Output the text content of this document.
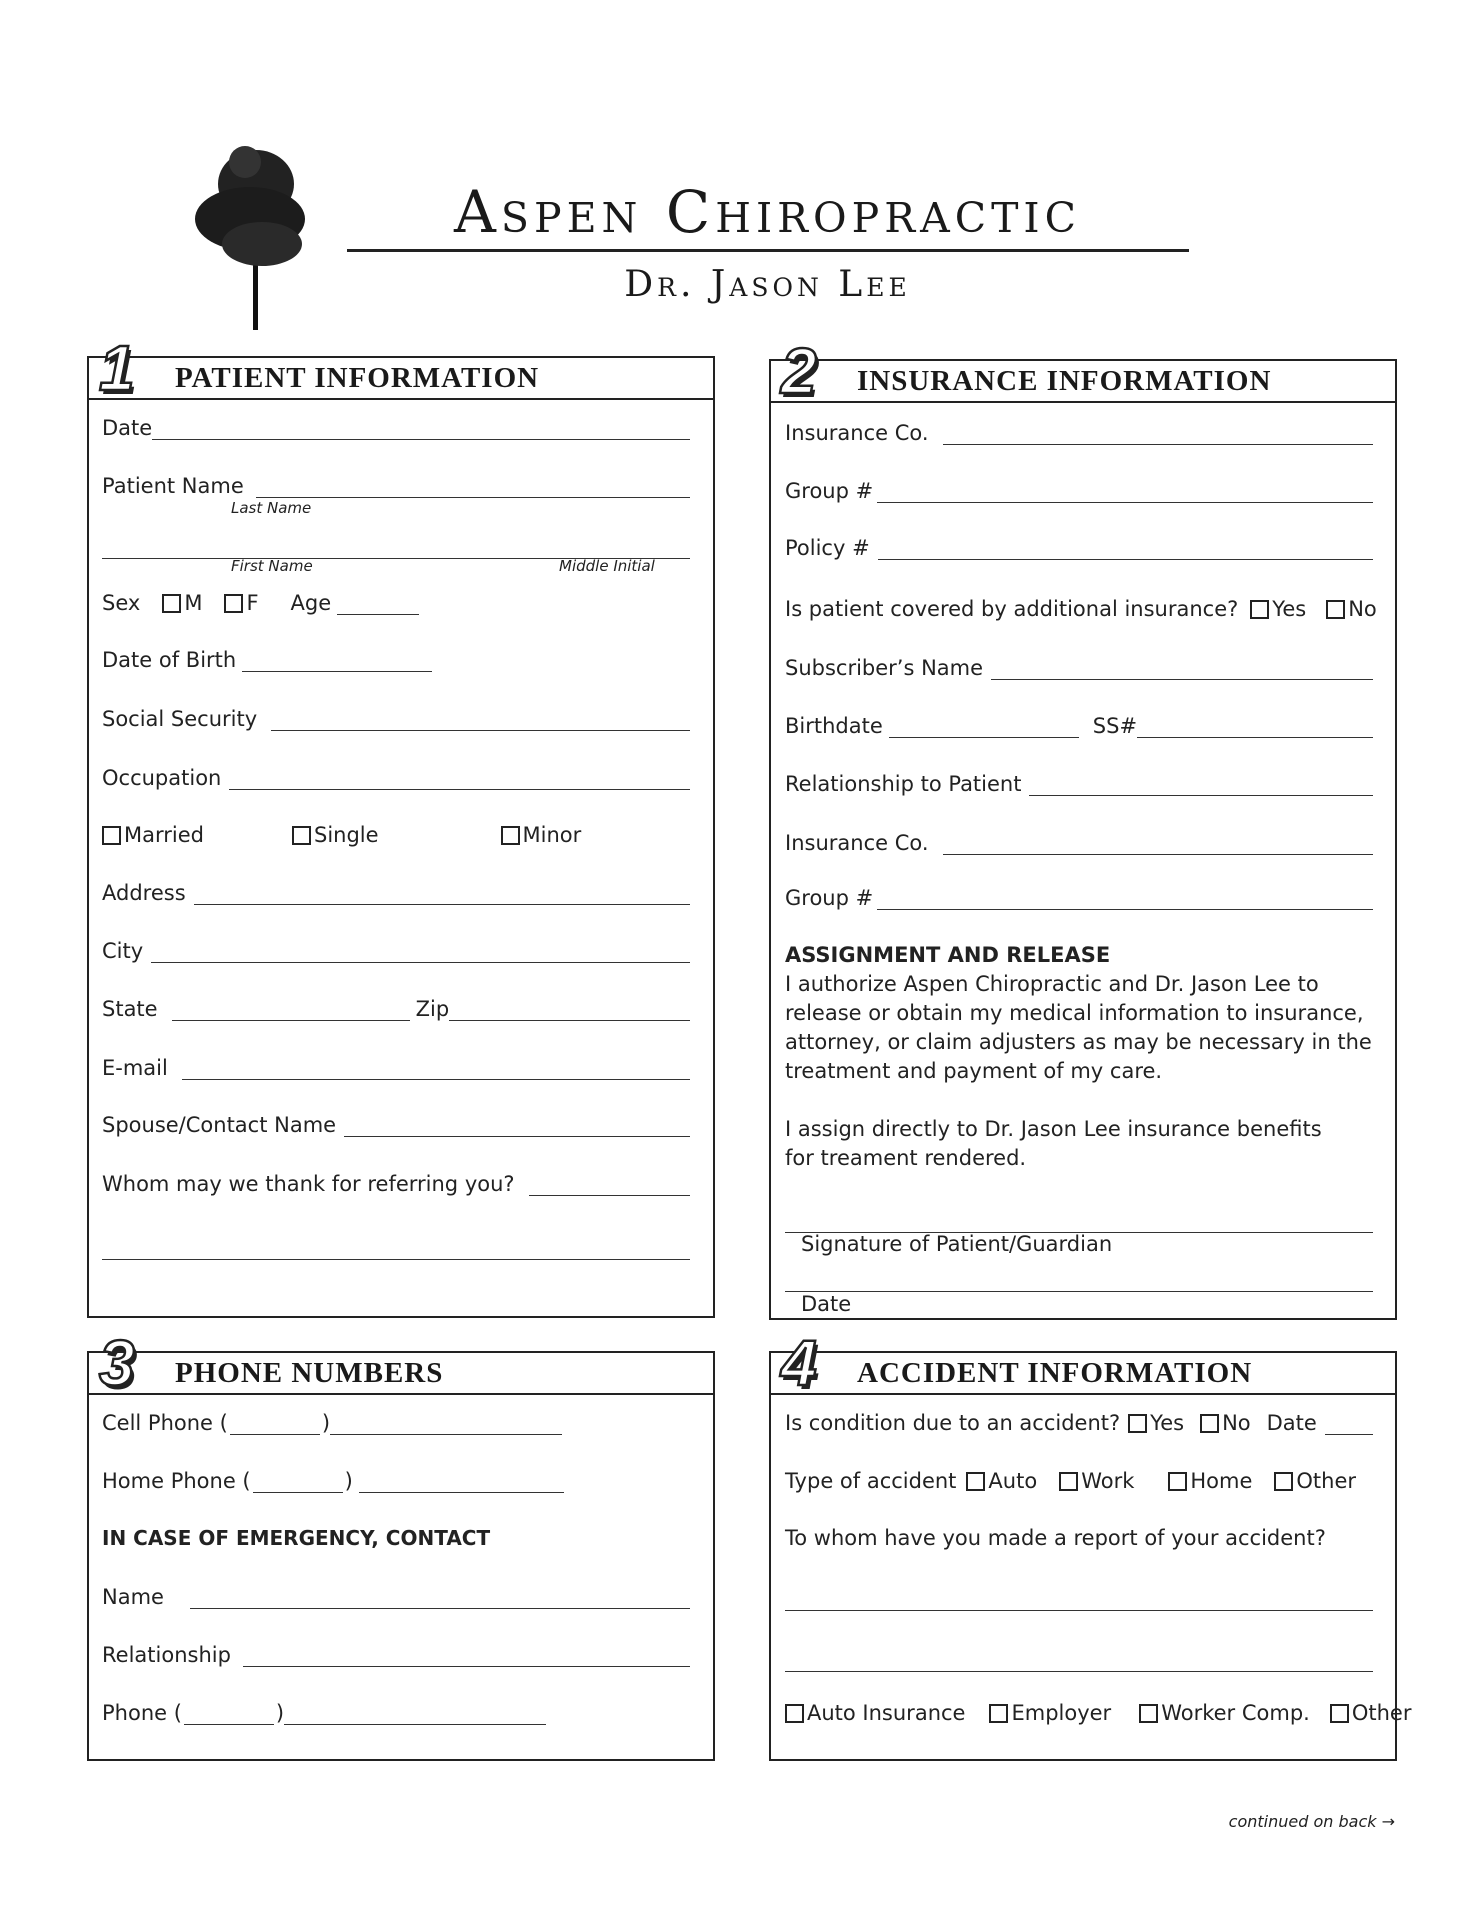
Aspen Chiropractic
Dr. Jason Lee
PATIENT INFORMATION
1
Date
Patient Name
Last Name
First Name	Middle Initial
Sex M F Age
Date of Birth
Social Security
Occupation
Married	Single	Minor
Address
City
State	Zip
E-mail
Spouse/Contact Name
Whom may we thank for referring you?
INSURANCE INFORMATION
2
Insurance Co.
Group #
Policy #
Is patient covered by additional insurance? Yes No
Subscriber’s Name
Birthdate	SS#
Relationship to Patient
Insurance Co.
Group #
ASSIGNMENT AND RELEASE
I authorize Aspen Chiropractic and Dr. Jason Lee to release or obtain my medical information to insurance, attorney, or claim adjusters as may be necessary in the treatment and payment of my care.
I assign directly to Dr. Jason Lee insurance benefits for treament rendered.
Signature of Patient/Guardian
Date
PHONE NUMBERS
3
Cell Phone (	)
Home Phone (	)
IN CASE OF EMERGENCY, CONTACT
Name
Relationship
Phone (	)
ACCIDENT INFORMATION
4
Is condition due to an accident? Yes No Date
Type of accident Auto Work	Home Other
To whom have you made a report of your accident?
Auto Insurance Employer Worker Comp. Other
continued on back →
